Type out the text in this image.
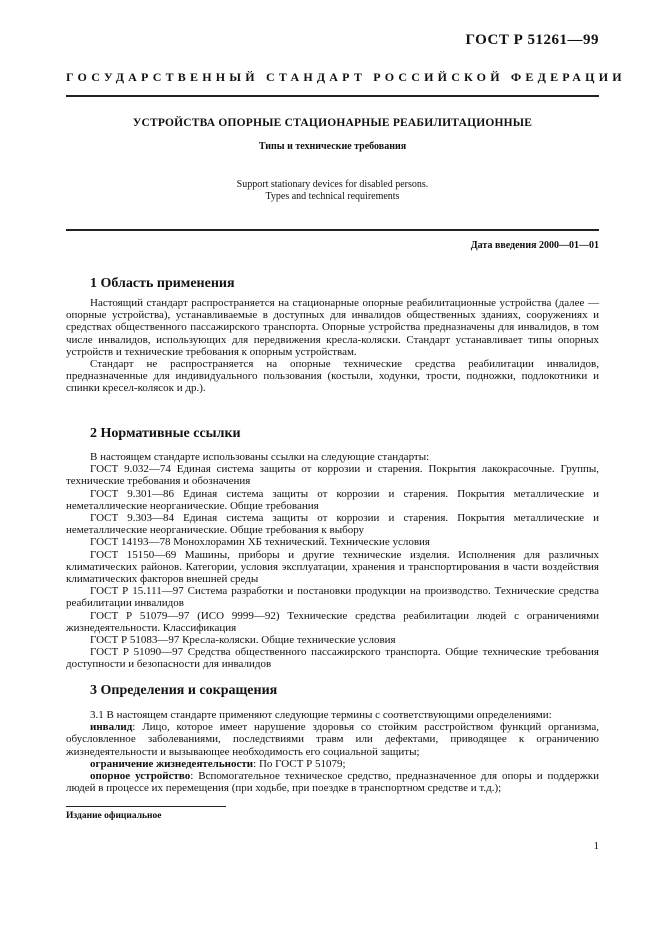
ГОСТ Р 51261—99
ГОСУДАРСТВЕННЫЙ СТАНДАРТ РОССИЙСКОЙ ФЕДЕРАЦИИ
УСТРОЙСТВА ОПОРНЫЕ СТАЦИОНАРНЫЕ РЕАБИЛИТАЦИОННЫЕ
Типы и технические требования
Support stationary devices for disabled persons.
Types and technical requirements
Дата введения 2000—01—01
1 Область применения

Настоящий стандарт распространяется на стационарные опорные реабилитационные устройства (далее — опорные устройства), устанавливаемые в доступных для инвалидов общественных зданиях, сооружениях и средствах общественного пассажирского транспорта. Опорные устройства предназначены для инвалидов, в том числе инвалидов, использующих для передвижения кресла-коляски. Стандарт устанавливает типы опорных устройств и технические требования к опорным устройствам.

Стандарт не распространяется на опорные технические средства реабилитации инвалидов, предназначенные для индивидуального пользования (костыли, ходунки, трости, подножки, подлокотники и спинки кресел-колясок и др.).

2 Нормативные ссылки

В настоящем стандарте использованы ссылки на следующие стандарты:

ГОСТ 9.032—74 Единая система защиты от коррозии и старения. Покрытия лакокрасочные. Группы, технические требования и обозначения

ГОСТ 9.301—86 Единая система защиты от коррозии и старения. Покрытия металлические и неметаллические неорганические. Общие требования

ГОСТ 9.303—84 Единая система защиты от коррозии и старения. Покрытия металлические и неметаллические неорганические. Общие требования к выбору

ГОСТ 14193—78 Монохлорамин ХБ технический. Технические условия

ГОСТ 15150—69 Машины, приборы и другие технические изделия. Исполнения для различных климатических районов. Категории, условия эксплуатации, хранения и транспортирования в части воздействия климатических факторов внешней среды

ГОСТ Р 15.111—97 Система разработки и постановки продукции на производство. Технические средства реабилитации инвалидов

ГОСТ Р 51079—97 (ИСО 9999—92) Технические средства реабилитации людей с ограничениями жизнедеятельности. Классификация

ГОСТ Р 51083—97 Кресла-коляски. Общие технические условия

ГОСТ Р 51090—97 Средства общественного пассажирского транспорта. Общие технические требования доступности и безопасности для инвалидов

3 Определения и сокращения

3.1 В настоящем стандарте применяют следующие термины с соответствующими определениями:

инвалид: Лицо, которое имеет нарушение здоровья со стойким расстройством функций организма, обусловленное заболеваниями, последствиями травм или дефектами, приводящее к ограничению жизнедеятельности и вызывающее необходимость его социальной защиты;

ограничение жизнедеятельности: По ГОСТ Р 51079;

опорное устройство: Вспомогательное техническое средство, предназначенное для опоры и поддержки людей в процессе их перемещения (при ходьбе, при поездке в транспортном средстве и т.д.);

Издание официальное
1
